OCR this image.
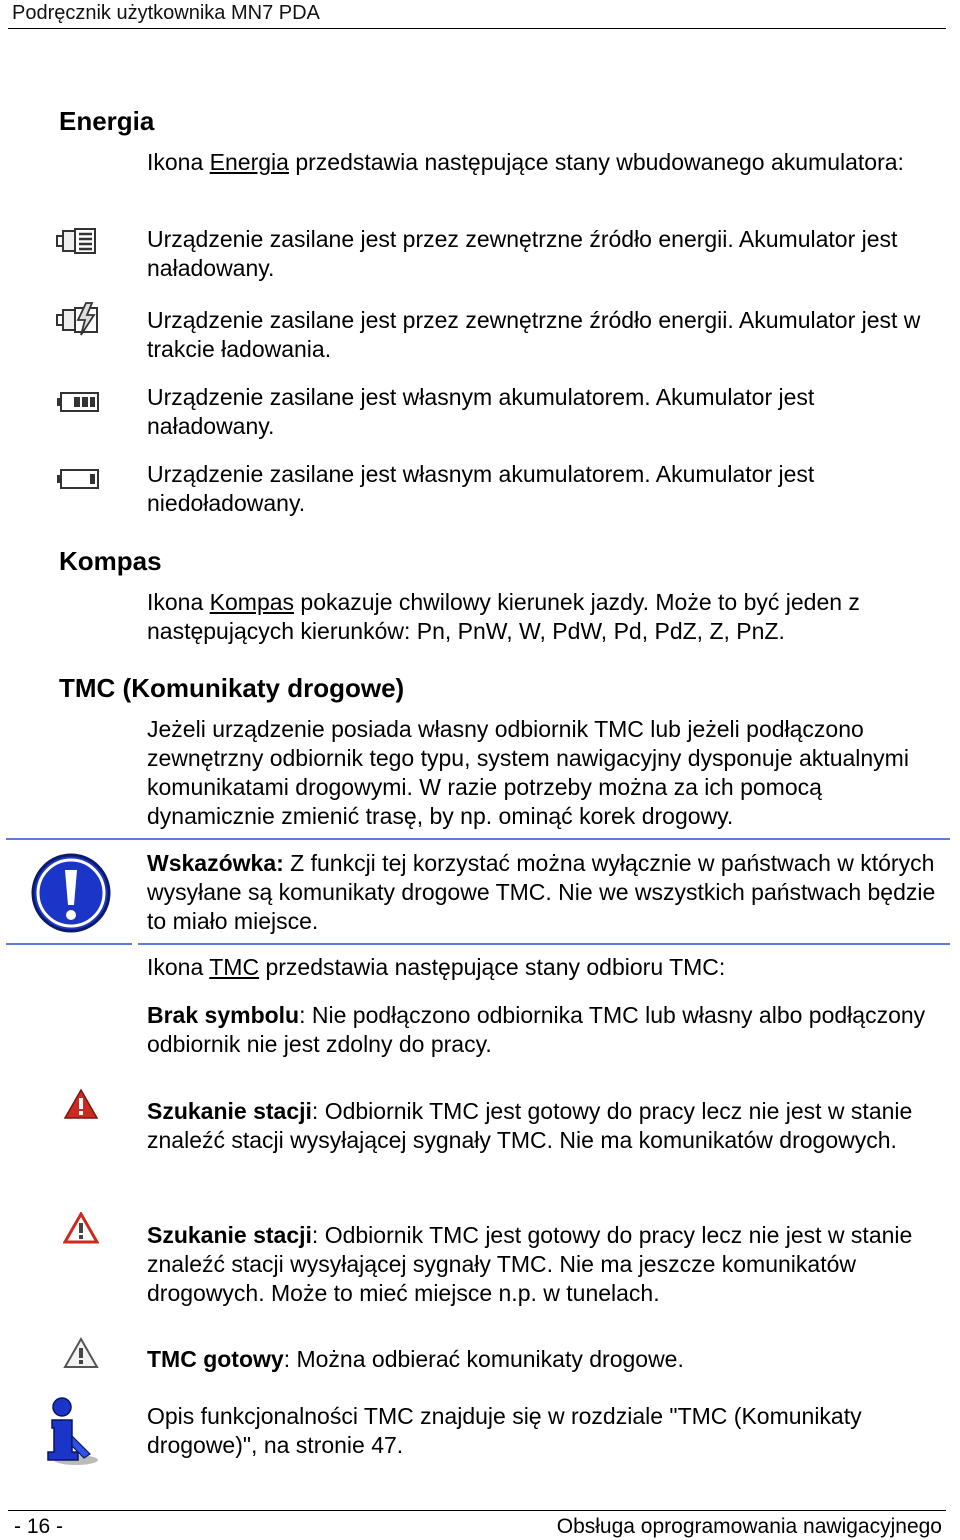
Podręcznik użytkownika MN7 PDA
Energia

Ikona Energia przedstawia następujące stany wbudowanego akumulatora:

Urządzenie zasilane jest przez zewnętrzne źródło energii. Akumulator jest naładowany.

Urządzenie zasilane jest przez zewnętrzne źródło energii. Akumulator jest w trakcie ładowania.

Urządzenie zasilane jest własnym akumulatorem. Akumulator jest naładowany.

Urządzenie zasilane jest własnym akumulatorem. Akumulator jest niedoładowany.

Kompas

Ikona Kompas pokazuje chwilowy kierunek jazdy. Może to być jeden z następujących kierunków: Pn, PnW, W, PdW, Pd, PdZ, Z, PnZ.

TMC (Komunikaty drogowe)

Jeżeli urządzenie posiada własny odbiornik TMC lub jeżeli podłączono zewnętrzny odbiornik tego typu, system nawigacyjny dysponuje aktualnymi komunikatami drogowymi. W razie potrzeby można za ich pomocą dynamicznie zmienić trasę, by np. ominąć korek drogowy.

Wskazówka: Z funkcji tej korzystać można wyłącznie w państwach w których wysyłane są komunikaty drogowe TMC. Nie we wszystkich państwach będzie to miało miejsce.

Ikona TMC przedstawia następujące stany odbioru TMC:

Brak symbolu: Nie podłączono odbiornika TMC lub własny albo podłączony odbiornik nie jest zdolny do pracy.

Szukanie stacji: Odbiornik TMC jest gotowy do pracy lecz nie jest w stanie znaleźć stacji wysyłającej sygnały TMC. Nie ma komunikatów drogowych.

Szukanie stacji: Odbiornik TMC jest gotowy do pracy lecz nie jest w stanie znaleźć stacji wysyłającej sygnały TMC. Nie ma jeszcze komunikatów drogowych. Może to mieć miejsce n.p. w tunelach.

TMC gotowy: Można odbierać komunikaty drogowe.

Opis funkcjonalności TMC znajduje się w rozdziale "TMC (Komunikaty drogowe)", na stronie 47.

- 16 -	Obsługa oprogramowania nawigacyjnego
